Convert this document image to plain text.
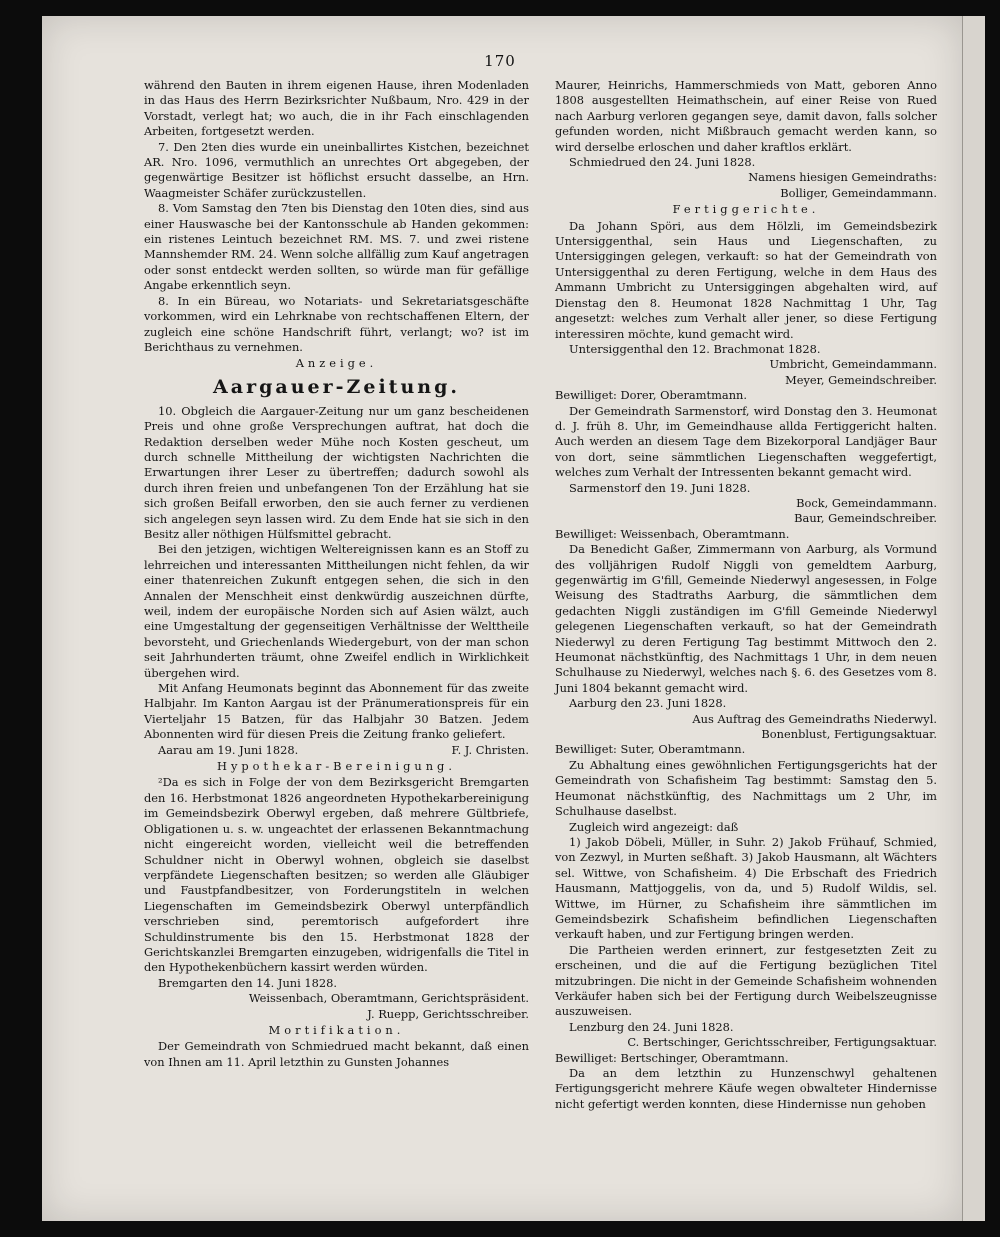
170
während den Bauten in ihrem eigenen Hause, ihren Modenladen in das Haus des Herrn Bezirksrichter Nußbaum, Nro. 429 in der Vorstadt, verlegt hat; wo auch, die in ihr Fach einschlagenden Arbeiten, fortgesetzt werden.
7. Den 2ten dies wurde ein uneinballirtes Kistchen, bezeichnet AR. Nro. 1096, vermuthlich an unrechtes Ort abgegeben, der gegenwärtige Besitzer ist höflichst ersucht dasselbe, an Hrn. Waagmeister Schäfer zurückzustellen.
8. Vom Samstag den 7ten bis Dienstag den 10ten dies, sind aus einer Hauswasche bei der Kantonsschule ab Handen gekommen: ein ristenes Leintuch bezeichnet RM. MS. 7. und zwei ristene Mannshemder RM. 24. Wenn solche allfällig zum Kauf angetragen oder sonst entdeckt werden sollten, so würde man für gefällige Angabe erkenntlich seyn.
8. In ein Büreau, wo Notariats- und Sekretariatsgeschäfte vorkommen, wird ein Lehrknabe von rechtschaffenen Eltern, der zugleich eine schöne Handschrift führt, verlangt; wo? ist im Berichthaus zu vernehmen.
Anzeige.
Aargauer-Zeitung.
10. Obgleich die Aargauer-Zeitung nur um ganz bescheidenen Preis und ohne große Versprechungen auftrat, hat doch die Redaktion derselben weder Mühe noch Kosten gescheut, um durch schnelle Mittheilung der wichtigsten Nachrichten die Erwartungen ihrer Leser zu übertreffen; dadurch sowohl als durch ihren freien und unbefangenen Ton der Erzählung hat sie sich großen Beifall erworben, den sie auch ferner zu verdienen sich angelegen seyn lassen wird. Zu dem Ende hat sie sich in den Besitz aller nöthigen Hülfsmittel gebracht.
Bei den jetzigen, wichtigen Weltereignissen kann es an Stoff zu lehrreichen und interessanten Mittheilungen nicht fehlen, da wir einer thatenreichen Zukunft entgegen sehen, die sich in den Annalen der Menschheit einst denkwürdig auszeichnen dürfte, weil, indem der europäische Norden sich auf Asien wälzt, auch eine Umgestaltung der gegenseitigen Verhältnisse der Welttheile bevorsteht, und Griechenlands Wiedergeburt, von der man schon seit Jahrhunderten träumt, ohne Zweifel endlich in Wirklichkeit übergehen wird.
Mit Anfang Heumonats beginnt das Abonnement für das zweite Halbjahr. Im Kanton Aargau ist der Pränumerationspreis für ein Vierteljahr 15 Batzen, für das Halbjahr 30 Batzen. Jedem Abonnenten wird für diesen Preis die Zeitung franko geliefert.
Aarau am 19. Juni 1828.	F. J. Christen.
Hypothekar-Bereinigung.
²Da es sich in Folge der von dem Bezirksgericht Bremgarten den 16. Herbstmonat 1826 angeordneten Hypothekarbereinigung im Gemeindsbezirk Oberwyl ergeben, daß mehrere Gültbriefe, Obligationen u. s. w. ungeachtet der erlassenen Bekanntmachung nicht eingereicht worden, vielleicht weil die betreffenden Schuldner nicht in Oberwyl wohnen, obgleich sie daselbst verpfändete Liegenschaften besitzen; so werden alle Gläubiger und Faustpfandbesitzer, von Forderungstiteln in welchen Liegenschaften im Gemeindsbezirk Oberwyl unterpfändlich verschrieben sind, peremtorisch aufgefordert ihre Schuldinstrumente bis den 15. Herbstmonat 1828 der Gerichtskanzlei Bremgarten einzugeben, widrigenfalls die Titel in den Hypothekenbüchern kassirt werden würden.
Bremgarten den 14. Juni 1828.
Weissenbach, Oberamtmann, Gerichtspräsident.
J. Ruepp, Gerichtsschreiber.
Mortifikation.
Der Gemeindrath von Schmiedrued macht bekannt, daß einen von Ihnen am 11. April letzthin zu Gunsten Johannes
Maurer, Heinrichs, Hammerschmieds von Matt, geboren Anno 1808 ausgestellten Heimathschein, auf einer Reise von Rued nach Aarburg verloren gegangen seye, damit davon, falls solcher gefunden worden, nicht Mißbrauch gemacht werden kann, so wird derselbe erloschen und daher kraftlos erklärt.
Schmiedrued den 24. Juni 1828.
Namens hiesigen Gemeindraths:
Bolliger, Gemeindammann.
Fertiggerichte.
Da Johann Spöri, aus dem Hölzli, im Gemeindsbezirk Untersiggenthal, sein Haus und Liegenschaften, zu Untersiggingen gelegen, verkauft: so hat der Gemeindrath von Untersiggenthal zu deren Fertigung, welche in dem Haus des Ammann Umbricht zu Untersiggingen abgehalten wird, auf Dienstag den 8. Heumonat 1828 Nachmittag 1 Uhr, Tag angesetzt: welches zum Verhalt aller jener, so diese Fertigung interessiren möchte, kund gemacht wird.
Untersiggenthal den 12. Brachmonat 1828.
Umbricht, Gemeindammann.
Meyer, Gemeindschreiber.
Bewilliget: Dorer, Oberamtmann.
Der Gemeindrath Sarmenstorf, wird Donstag den 3. Heumonat d. J. früh 8. Uhr, im Gemeindhause allda Fertiggericht halten. Auch werden an diesem Tage dem Bizekorporal Landjäger Baur von dort, seine sämmtlichen Liegenschaften weggefertigt, welches zum Verhalt der Intressenten bekannt gemacht wird.
Sarmenstorf den 19. Juni 1828.
Bock, Gemeindammann.
Baur, Gemeindschreiber.
Bewilliget: Weissenbach, Oberamtmann.
Da Benedicht Gaßer, Zimmermann von Aarburg, als Vormund des volljährigen Rudolf Niggli von gemeldtem Aarburg, gegenwärtig im G'fill, Gemeinde Niederwyl angesessen, in Folge Weisung des Stadtraths Aarburg, die sämmtlichen dem gedachten Niggli zuständigen im G'fill Gemeinde Niederwyl gelegenen Liegenschaften verkauft, so hat der Gemeindrath Niederwyl zu deren Fertigung Tag bestimmt Mittwoch den 2. Heumonat nächstkünftig, des Nachmittags 1 Uhr, in dem neuen Schulhause zu Niederwyl, welches nach §. 6. des Gesetzes vom 8. Juni 1804 bekannt gemacht wird.
Aarburg den 23. Juni 1828.
Aus Auftrag des Gemeindraths Niederwyl.
Bonenblust, Fertigungsaktuar.
Bewilliget: Suter, Oberamtmann.
Zu Abhaltung eines gewöhnlichen Fertigungsgerichts hat der Gemeindrath von Schafisheim Tag bestimmt: Samstag den 5. Heumonat nächstkünftig, des Nachmittags um 2 Uhr, im Schulhause daselbst.
Zugleich wird angezeigt: daß
1) Jakob Döbeli, Müller, in Suhr. 2) Jakob Frühauf, Schmied, von Zezwyl, in Murten seßhaft. 3) Jakob Hausmann, alt Wächters sel. Wittwe, von Schafisheim. 4) Die Erbschaft des Friedrich Hausmann, Mattjoggelis, von da, und 5) Rudolf Wildis, sel. Wittwe, im Hürner, zu Schafisheim ihre sämmtlichen im Gemeindsbezirk Schafisheim befindlichen Liegenschaften verkauft haben, und zur Fertigung bringen werden.
Die Partheien werden erinnert, zur festgesetzten Zeit zu erscheinen, und die auf die Fertigung bezüglichen Titel mitzubringen. Die nicht in der Gemeinde Schafisheim wohnenden Verkäufer haben sich bei der Fertigung durch Weibelszeugnisse auszuweisen.
Lenzburg den 24. Juni 1828.
C. Bertschinger, Gerichtsschreiber, Fertigungsaktuar.
Bewilliget: Bertschinger, Oberamtmann.
Da an dem letzthin zu Hunzenschwyl gehaltenen Fertigungsgericht mehrere Käufe wegen obwalteter Hindernisse nicht gefertigt werden konnten, diese Hindernisse nun gehoben
